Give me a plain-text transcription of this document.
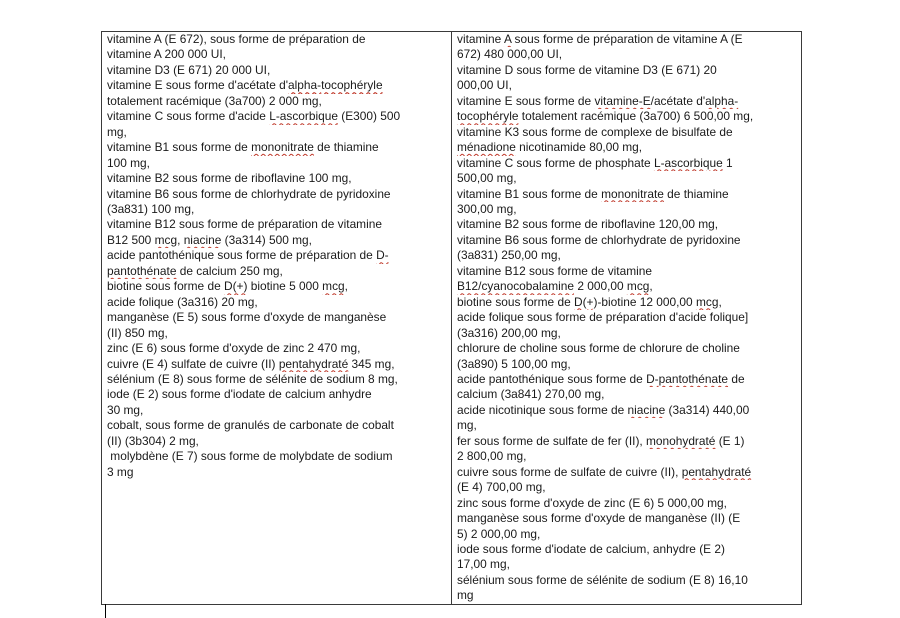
vitamine A (E 672), sous forme de préparation de
vitamine A 200 000 UI,
vitamine D3 (E 671) 20 000 UI,
vitamine E sous forme d'acétate d'alpha-tocophéryle
totalement racémique (3a700) 2 000 mg,
vitamine C sous forme d'acide L-ascorbique (E300) 500
mg,
vitamine B1 sous forme de mononitrate de thiamine
100 mg,
vitamine B2 sous forme de riboflavine 100 mg,
vitamine B6 sous forme de chlorhydrate de pyridoxine
(3a831) 100 mg,
vitamine B12 sous forme de préparation de vitamine
B12 500 mcg, niacine (3a314) 500 mg,
acide pantothénique sous forme de préparation de D-
pantothénate de calcium 250 mg,
biotine sous forme de D(+) biotine 5 000 mcg,
acide folique (3a316) 20 mg,
manganèse (E 5) sous forme d'oxyde de manganèse
(II) 850 mg,
zinc (E 6) sous forme d'oxyde de zinc 2 470 mg,
cuivre (E 4) sulfate de cuivre (II) pentahydraté 345 mg,
sélénium (E 8) sous forme de sélénite de sodium 8 mg,
iode (E 2) sous forme d'iodate de calcium anhydre
30 mg,
cobalt, sous forme de granulés de carbonate de cobalt
(II) (3b304) 2 mg,
molybdène (E 7) sous forme de molybdate de sodium
3 mg

vitamine A sous forme de préparation de vitamine A (E
672) 480 000,00 UI,
vitamine D sous forme de vitamine D3 (E 671) 20
000,00 UI,
vitamine E sous forme de vitamine-E/acétate d'alpha-
tocophéryle totalement racémique (3a700) 6 500,00 mg,
vitamine K3 sous forme de complexe de bisulfate de
ménadione nicotinamide 80,00 mg,
vitamine C sous forme de phosphate L-ascorbique 1
500,00 mg,
vitamine B1 sous forme de mononitrate de thiamine
300,00 mg,
vitamine B2 sous forme de riboflavine 120,00 mg,
vitamine B6 sous forme de chlorhydrate de pyridoxine
(3a831) 250,00 mg,
vitamine B12 sous forme de vitamine
B12/cyanocobalamine 2 000,00 mcg,
biotine sous forme de D(+)-biotine 12 000,00 mcg,
acide folique sous forme de préparation d'acide folique]
(3a316) 200,00 mg,
chlorure de choline sous forme de chlorure de choline
(3a890) 5 100,00 mg,
acide pantothénique sous forme de D-pantothénate de
calcium (3a841) 270,00 mg,
acide nicotinique sous forme de niacine (3a314) 440,00
mg,
fer sous forme de sulfate de fer (II), monohydraté (E 1)
2 800,00 mg,
cuivre sous forme de sulfate de cuivre (II), pentahydraté
(E 4) 700,00 mg,
zinc sous forme d'oxyde de zinc (E 6) 5 000,00 mg,
manganèse sous forme d'oxyde de manganèse (II) (E
5) 2 000,00 mg,
iode sous forme d'iodate de calcium, anhydre (E 2)
17,00 mg,
sélénium sous forme de sélénite de sodium (E 8) 16,10
mg
